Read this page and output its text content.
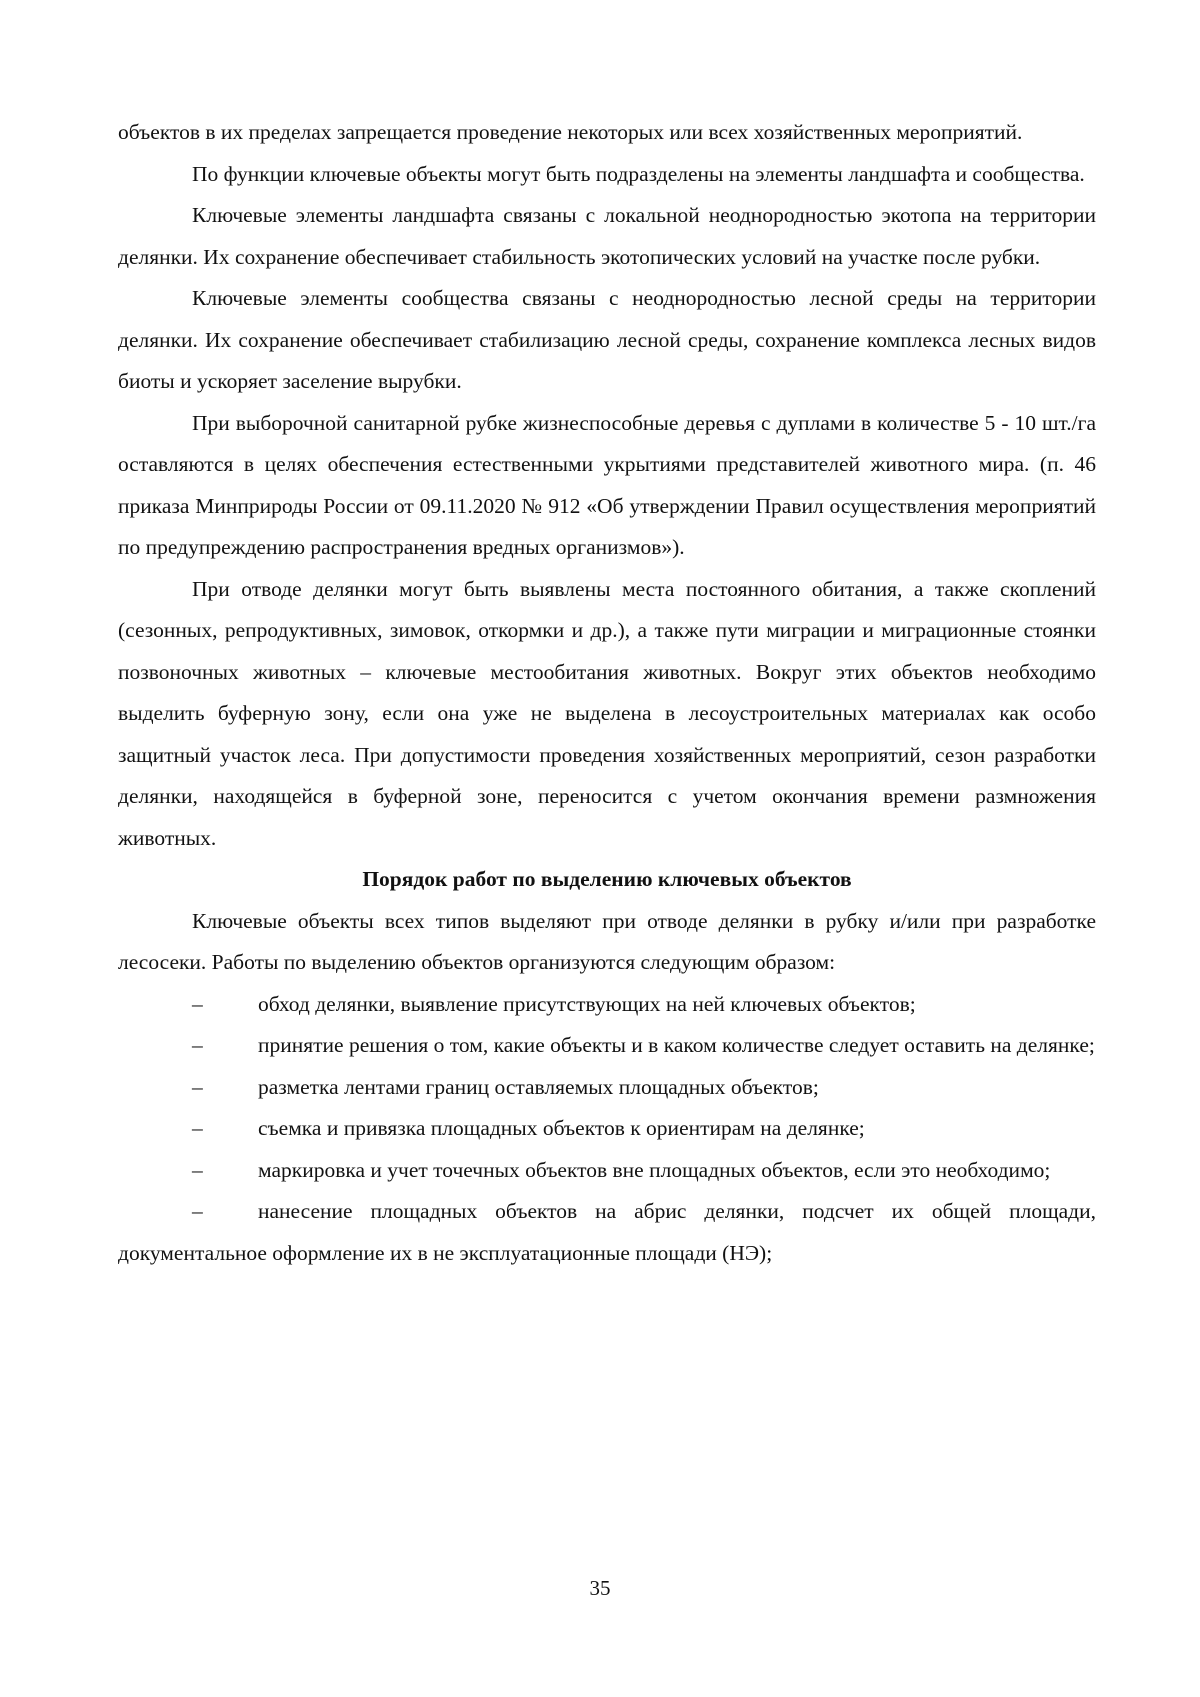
объектов в их пределах запрещается проведение некоторых или всех хозяйственных мероприятий.

По функции ключевые объекты могут быть подразделены на элементы ландшафта и сообщества.

Ключевые элементы ландшафта связаны с локальной неоднородностью экотопа на территории делянки. Их сохранение обеспечивает стабильность экотопических условий на участке после рубки.

Ключевые элементы сообщества связаны с неоднородностью лесной среды на территории делянки. Их сохранение обеспечивает стабилизацию лесной среды, сохранение комплекса лесных видов биоты и ускоряет заселение вырубки.

При выборочной санитарной рубке жизнеспособные деревья с дуплами в количестве 5 - 10 шт./га оставляются в целях обеспечения естественными укрытиями представителей животного мира. (п. 46 приказа Минприроды России от 09.11.2020 № 912 «Об утверждении Правил осуществления мероприятий по предупреждению распространения вредных организмов»).

При отводе делянки могут быть выявлены места постоянного обитания, а также скоплений (сезонных, репродуктивных, зимовок, откормки и др.), а также пути миграции и миграционные стоянки позвоночных животных – ключевые местообитания животных. Вокруг этих объектов необходимо выделить буферную зону, если она уже не выделена в лесоустроительных материалах как особо защитный участок леса. При допустимости проведения хозяйственных мероприятий, сезон разработки делянки, находящейся в буферной зоне, переносится с учетом окончания времени размножения животных.

Порядок работ по выделению ключевых объектов

Ключевые объекты всех типов выделяют при отводе делянки в рубку и/или при разработке лесосеки. Работы по выделению объектов организуются следующим образом:

–	обход делянки, выявление присутствующих на ней ключевых объектов;

–	принятие решения о том, какие объекты и в каком количестве следует оставить на делянке;

–	разметка лентами границ оставляемых площадных объектов;

–	съемка и привязка площадных объектов к ориентирам на делянке;

–	маркировка и учет точечных объектов вне площадных объектов, если это необходимо;

–	нанесение площадных объектов на абрис делянки, подсчет их общей площади, документальное оформление их в не эксплуатационные площади (НЭ);

35
